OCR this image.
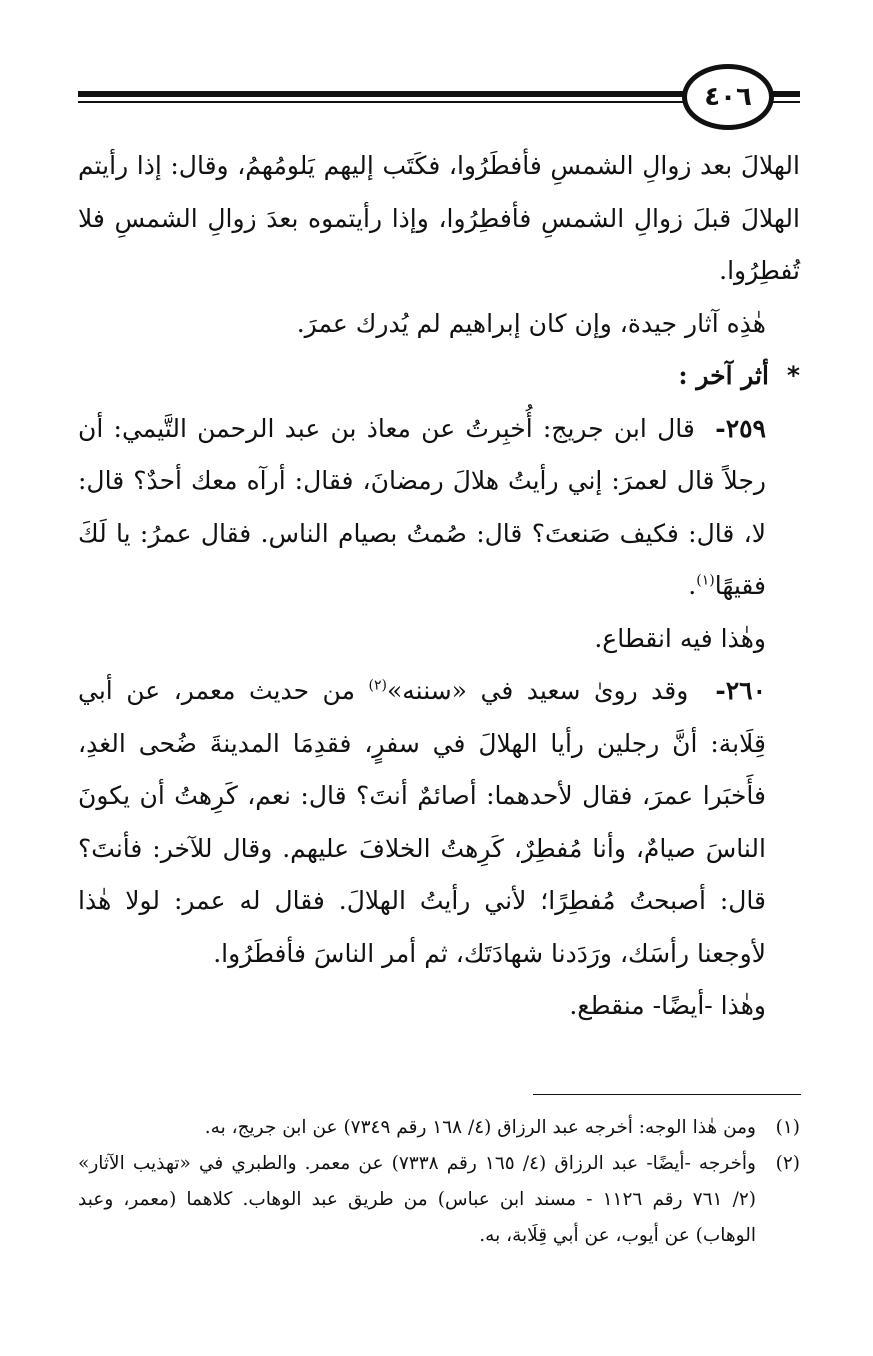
٤٠٦

الهلالَ بعد زوالِ الشمسِ فأفطَرُوا، فكَتَب إليهم يَلومُهمُ، وقال: إذا رأيتم الهلالَ قبلَ زوالِ الشمسِ فأفطِرُوا، وإذا رأيتموه بعدَ زوالِ الشمسِ فلا تُفطِرُوا.

هٰذِه آثار جيدة، وإن كان إبراهيم لم يُدرك عمرَ.

*أثر آخر :

٢٥٩-  قال ابن جريج: أُخبِرتُ عن معاذ بن عبد الرحمن التَّيمي: أن رجلاً قال لعمرَ: إني رأيتُ هلالَ رمضانَ، فقال: أرآه معك أحدٌ؟ قال: لا، قال: فكيف صَنعتَ؟ قال: صُمتُ بصيام الناس. فقال عمرُ: يا لَكَ فقيهًا$^{(١)}$.

وهٰذا فيه انقطاع.

٢٦٠-  وقد روىٰ سعيد في «سننه»$^{(٢)}$ من حديث معمر، عن أبي قِلَابة: أنَّ رجلين رأيا الهلالَ في سفرٍ، فقدِمَا المدينةَ ضُحى الغدِ، فأَخبَرا عمرَ، فقال لأحدهما: أصائمٌ أنتَ؟ قال: نعم، كَرِهتُ أن يكونَ الناسَ صيامٌ، وأنا مُفطِرٌ، كَرِهتُ الخلافَ عليهم. وقال للآخر: فأنتَ؟ قال: أصبحتُ مُفطِرًا؛ لأني رأيتُ الهلالَ. فقال له عمر: لولا هٰذا لأوجعنا رأسَك، ورَدَدنا شهادَتَك، ثم أمر الناسَ فأفطَرُوا.

وهٰذا -أيضًا- منقطع.

(١)
ومن هٰذا الوجه: أخرجه عبد الرزاق (٤/ ١٦٨ رقم ٧٣٤٩) عن ابن جريج، به.
(٢)
وأخرجه -أيضًا- عبد الرزاق (٤/ ١٦٥ رقم ٧٣٣٨) عن معمر. والطبري في «تهذيب الآثار» (٢/ ٧٦١ رقم ١١٢٦ - مسند ابن عباس) من طريق عبد الوهاب. كلاهما (معمر، وعبد الوهاب) عن أيوب، عن أبي قِلَابة، به.
